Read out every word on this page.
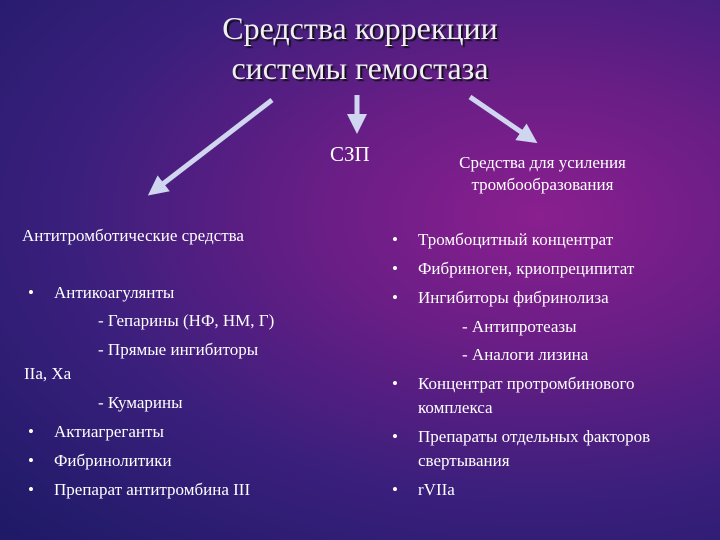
Средства коррекции
системы гемостаза
СЗП	Средства для усиления
тромбообразования
Антитромботические средства
• Антикоагулянты
- Гепарины (НФ, НМ, Г)
- Прямые ингибиторы
IIa, Xa
- Кумарины
• Актиагреганты
• Фибринолитики
• Препарат антитромбина III
• Тромбоцитный концентрат
• Фибриноген, криопреципитат
• Ингибиторы фибринолиза
- Антипротеазы
- Аналоги лизина
• Концентрат протромбинового
комплекса
• Препараты отдельных факторов
свертывания
• rVIIa
